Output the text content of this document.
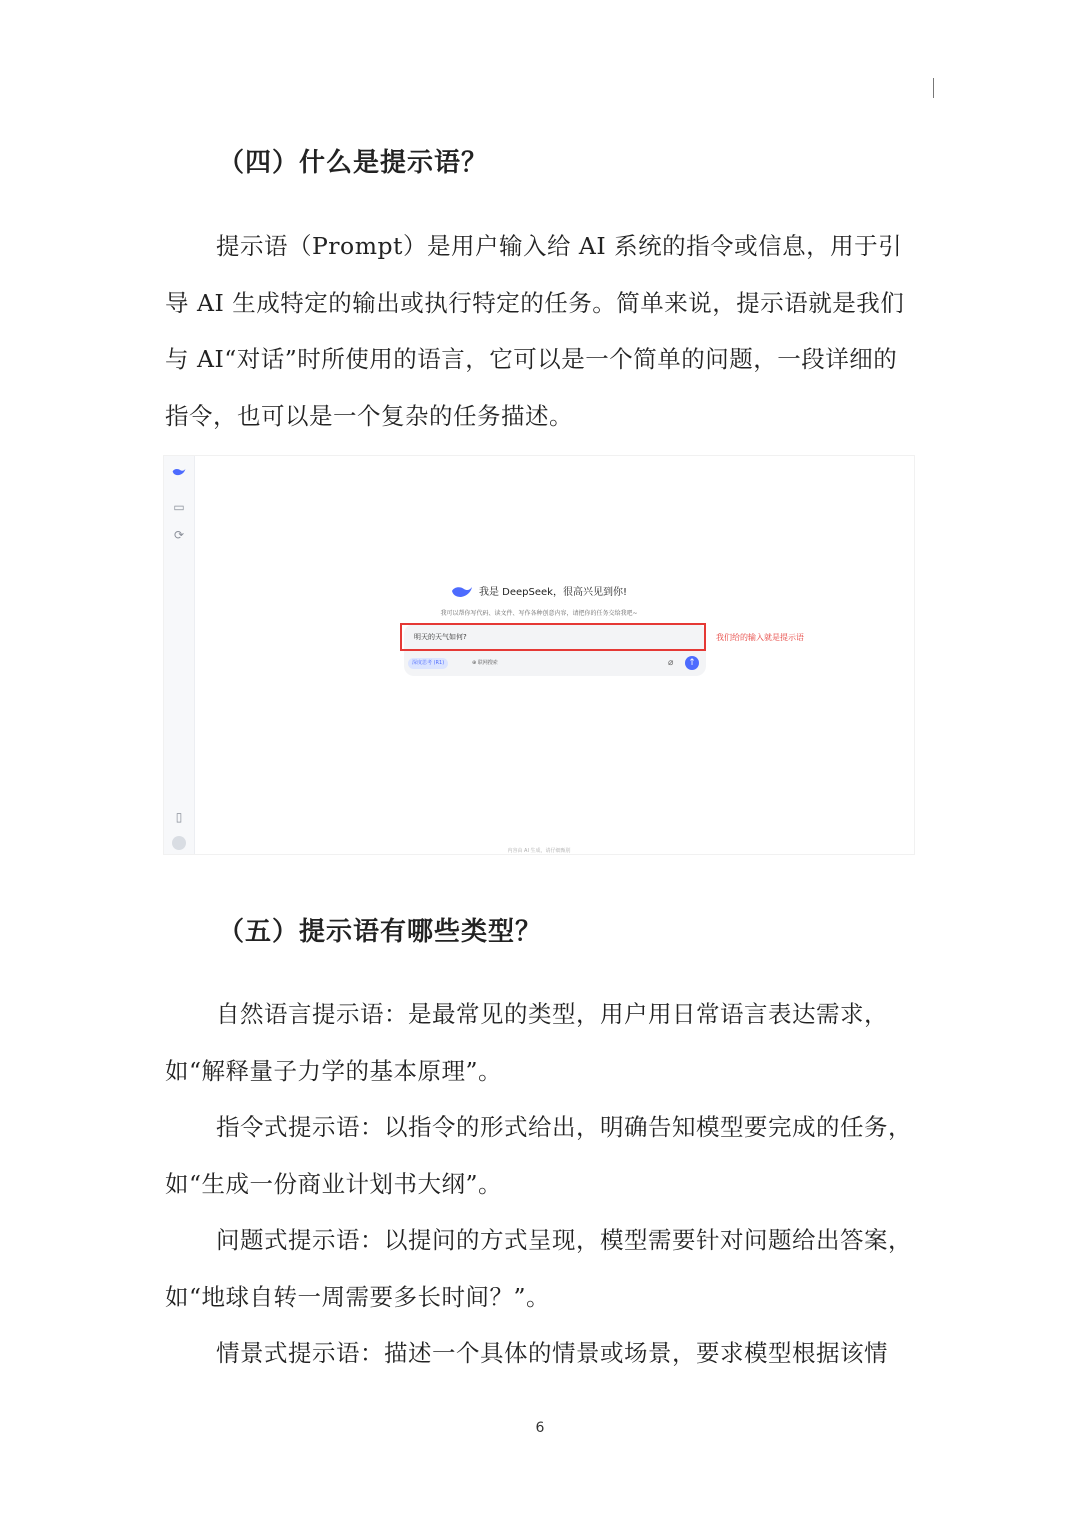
（四）什么是提示语？

提示语（Prompt）是用户输入给 AI 系统的指令或信息，用于引导 AI 生成特定的输出或执行特定的任务。简单来说，提示语就是我们与 AI“对话”时所使用的语言，它可以是一个简单的问题，一段详细的指令，也可以是一个复杂的任务描述。

▭
⟳
▯
我是 DeepSeek，很高兴见到你!
我可以帮你写代码、读文件、写作各种创意内容，请把你的任务交给我吧~
明天的天气如何?	我们给的输入就是提示语
深度思考 (R1)	⊕ 联网搜索	⌀	↑
内容由 AI 生成，请仔细甄别
（五）提示语有哪些类型？

自然语言提示语：是最常见的类型，用户用日常语言表达需求，如“解释量子力学的基本原理”。

指令式提示语：以指令的形式给出，明确告知模型要完成的任务，如“生成一份商业计划书大纲”。

问题式提示语：以提问的方式呈现，模型需要针对问题给出答案，如“地球自转一周需要多长时间？”。

情景式提示语：描述一个具体的情景或场景，要求模型根据该情

6
